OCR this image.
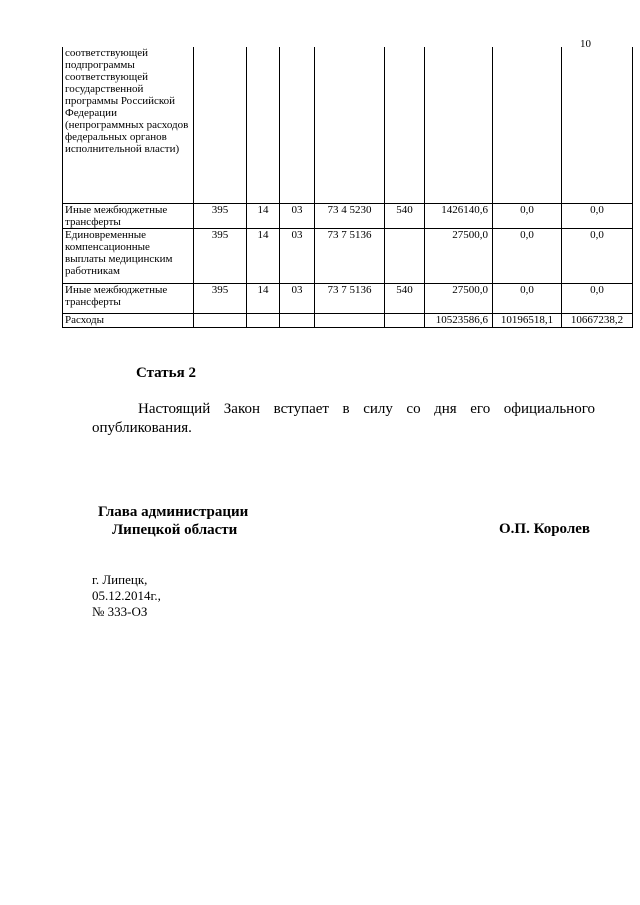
10
соответствующей подпрограммы соответствующей государственной программы Российской Федерации (непрограммных расходов федеральных органов исполнительной власти)								
Иные межбюджетные трансферты	395	14	03	73 4 5230	540	1426140,6	0,0	0,0
Единовременные компенсационные выплаты медицинским работникам	395	14	03	73 7 5136		27500,0	0,0	0,0
Иные межбюджетные трансферты	395	14	03	73 7 5136	540	27500,0	0,0	0,0
Расходы						10523586,6	10196518,1	10667238,2
Статья 2
Настоящий Закон вступает в силу со дня его официального опубликования.
Глава администрации
Липецкой области	О.П. Королев
г. Липецк,
05.12.2014г.,
№ 333-ОЗ
